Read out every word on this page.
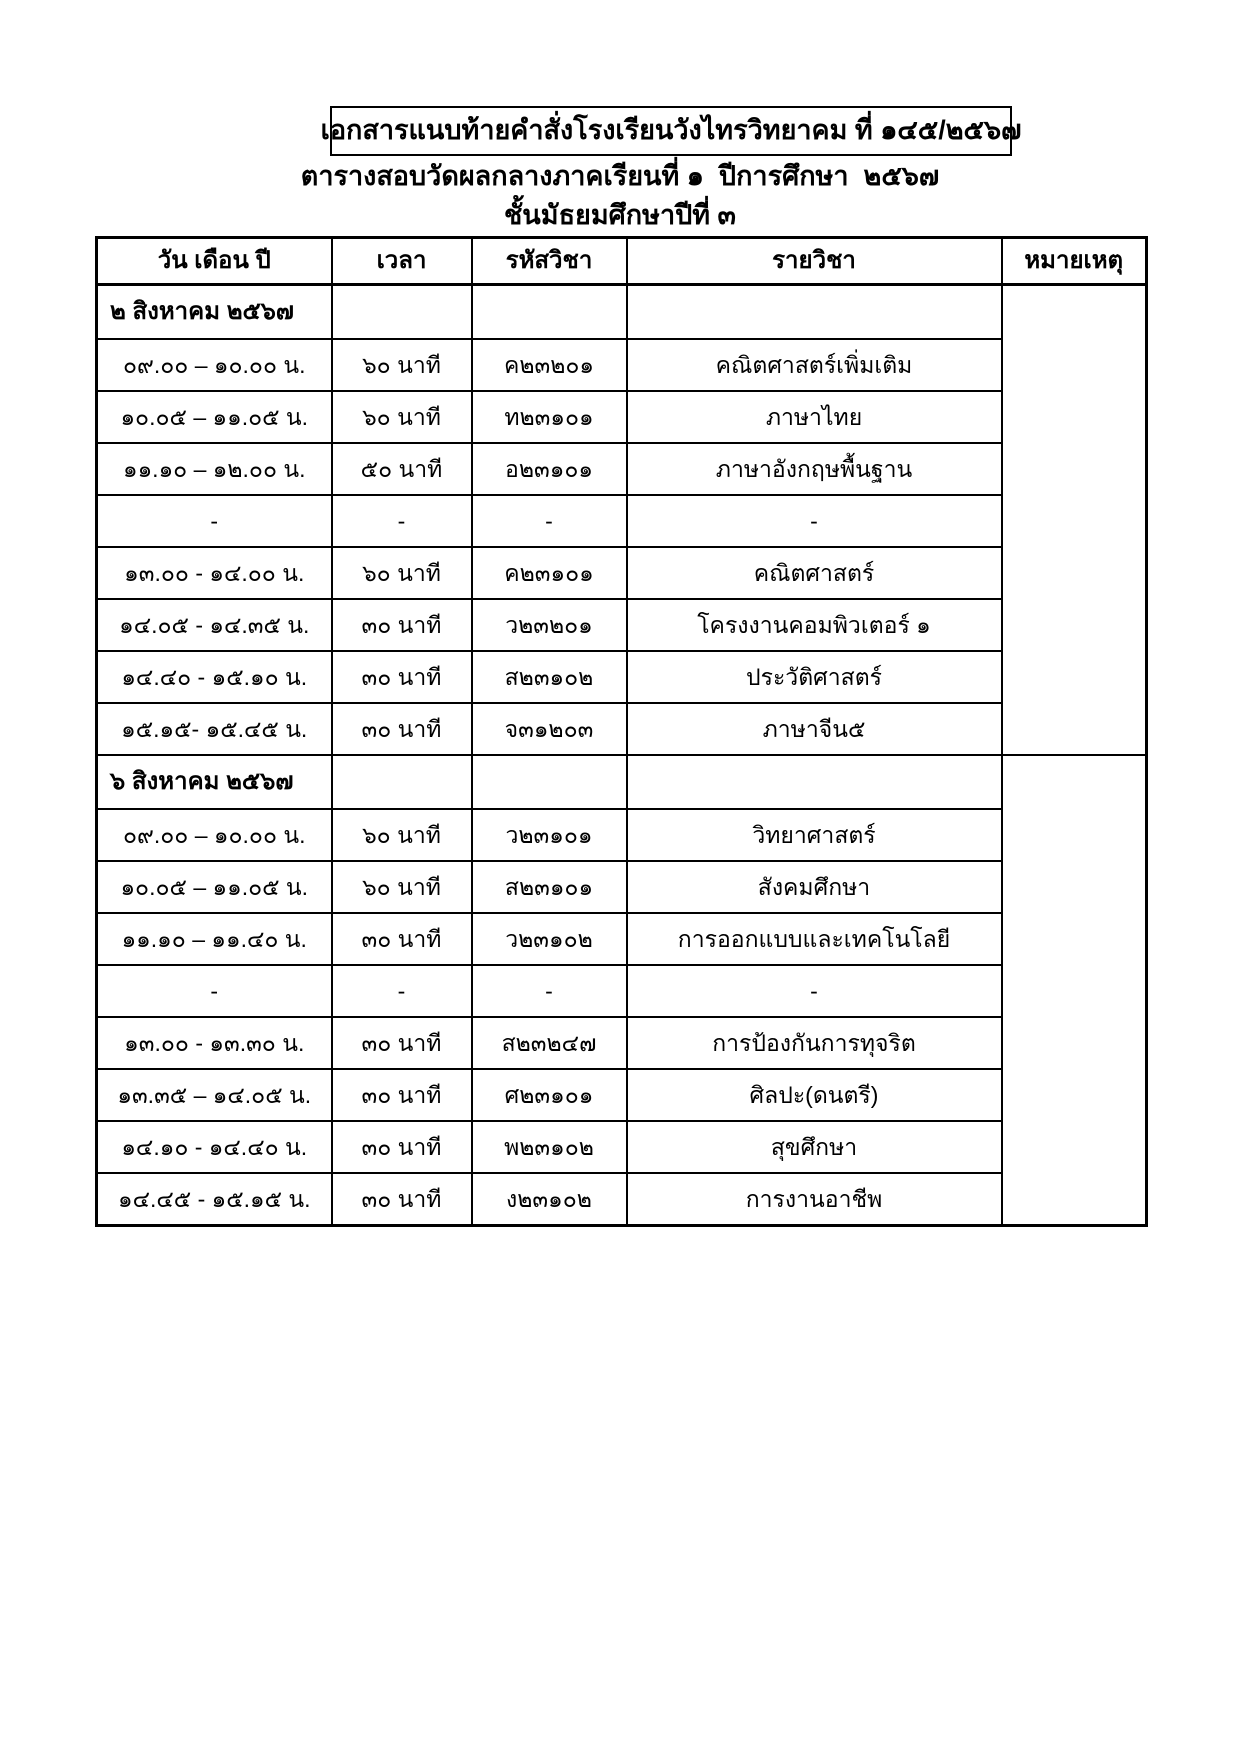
เอกสารแนบท้ายคำสั่งโรงเรียนวังไทรวิทยาคม ที่ ๑๔๕/๒๕๖๗
ตารางสอบวัดผลกลางภาคเรียนที่ ๑  ปีการศึกษา  ๒๕๖๗
ชั้นมัธยมศึกษาปีที่ ๓
วัน เดือน ปี	เวลา	รหัสวิชา	รายวิชา	หมายเหตุ
๒ สิงหาคม ๒๕๖๗				
๐๙.๐๐ – ๑๐.๐๐ น.	๖๐ นาที	ค๒๓๒๐๑	คณิตศาสตร์เพิ่มเติม	
๑๐.๐๕ – ๑๑.๐๕ น.	๖๐ นาที	ท๒๓๑๐๑	ภาษาไทย	
๑๑.๑๐ – ๑๒.๐๐ น.	๕๐ นาที	อ๒๓๑๐๑	ภาษาอังกฤษพื้นฐาน	
-	-	-	-	
๑๓.๐๐ - ๑๔.๐๐ น.	๖๐ นาที	ค๒๓๑๐๑	คณิตศาสตร์	
๑๔.๐๕ - ๑๔.๓๕ น.	๓๐ นาที	ว๒๓๒๐๑	โครงงานคอมพิวเตอร์ ๑	
๑๔.๔๐ - ๑๕.๑๐ น.	๓๐ นาที	ส๒๓๑๐๒	ประวัติศาสตร์	
๑๕.๑๕- ๑๕.๔๕ น.	๓๐ นาที	จ๓๑๒๐๓	ภาษาจีน๕	
๖ สิงหาคม ๒๕๖๗				
๐๙.๐๐ – ๑๐.๐๐ น.	๖๐ นาที	ว๒๓๑๐๑	วิทยาศาสตร์	
๑๐.๐๕ – ๑๑.๐๕ น.	๖๐ นาที	ส๒๓๑๐๑	สังคมศึกษา	
๑๑.๑๐ – ๑๑.๔๐ น.	๓๐ นาที	ว๒๓๑๐๒	การออกแบบและเทคโนโลยี	
-	-	-	-	
๑๓.๐๐ - ๑๓.๓๐ น.	๓๐ นาที	ส๒๓๒๔๗	การป้องกันการทุจริต	
๑๓.๓๕ – ๑๔.๐๕ น.	๓๐ นาที	ศ๒๓๑๐๑	ศิลปะ(ดนตรี)	
๑๔.๑๐ - ๑๔.๔๐ น.	๓๐ นาที	พ๒๓๑๐๒	สุขศึกษา	
๑๔.๔๕ - ๑๕.๑๕ น.	๓๐ นาที	ง๒๓๑๐๒	การงานอาชีพ	
